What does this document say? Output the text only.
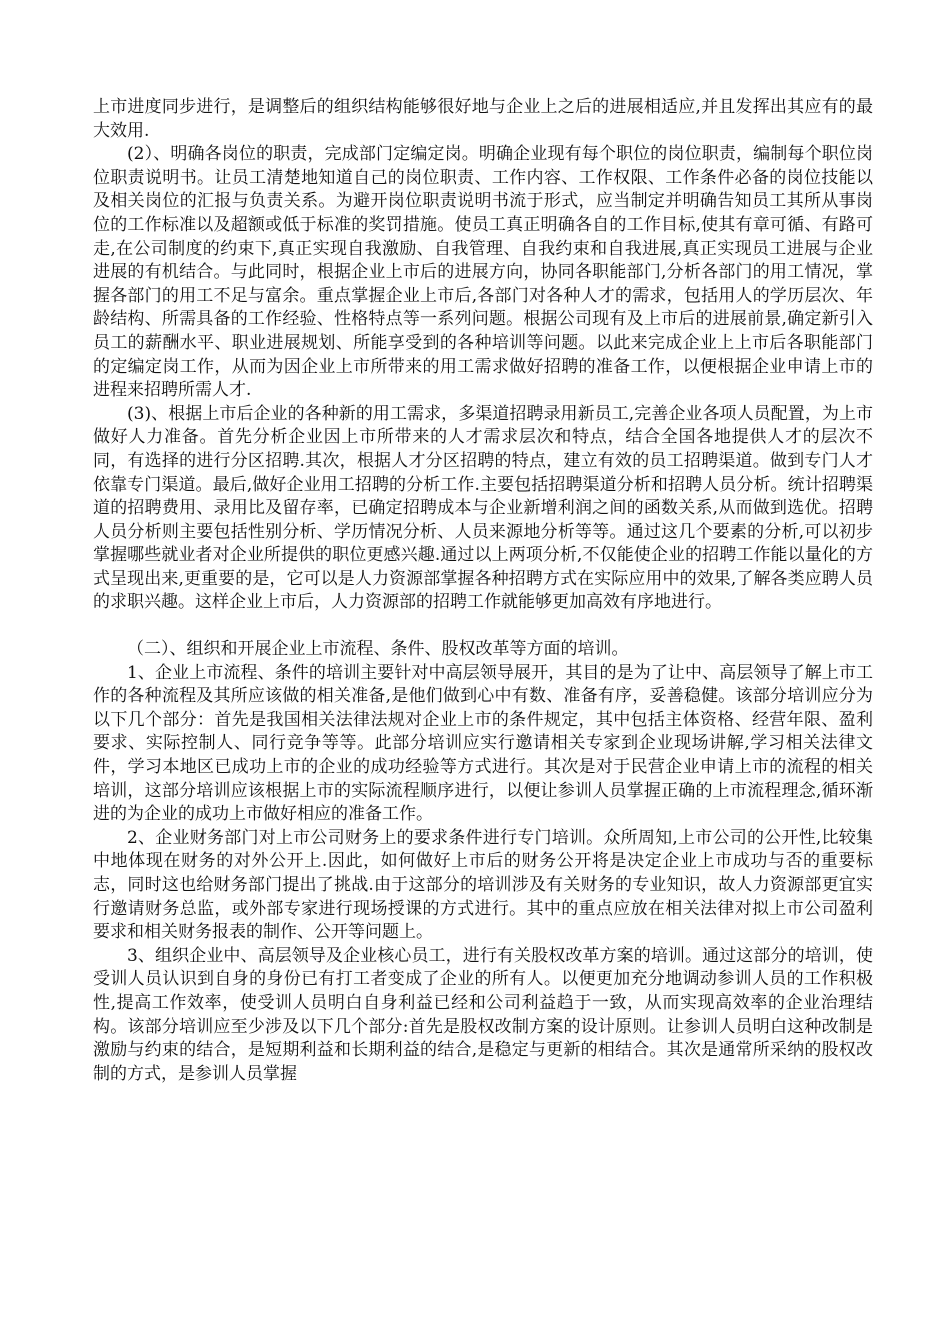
上市进度同步进行，是调整后的组织结构能够很好地与企业上之后的进展相适应,并且发挥出其应有的最大效用.

(2）、明确各岗位的职责，完成部门定编定岗。明确企业现有每个职位的岗位职责，编制每个职位岗位职责说明书。让员工清楚地知道自己的岗位职责、工作内容、工作权限、工作条件必备的岗位技能以及相关岗位的汇报与负责关系。为避开岗位职责说明书流于形式，应当制定并明确告知员工其所从事岗位的工作标准以及超额或低于标准的奖罚措施。使员工真正明确各自的工作目标,使其有章可循、有路可走,在公司制度的约束下,真正实现自我激励、自我管理、自我约束和自我进展,真正实现员工进展与企业进展的有机结合。与此同时，根据企业上市后的进展方向，协同各职能部门,分析各部门的用工情况，掌握各部门的用工不足与富余。重点掌握企业上市后,各部门对各种人才的需求，包括用人的学历层次、年龄结构、所需具备的工作经验、性格特点等一系列问题。根据公司现有及上市后的进展前景,确定新引入员工的薪酬水平、职业进展规划、所能享受到的各种培训等问题。以此来完成企业上上市后各职能部门的定编定岗工作，从而为因企业上市所带来的用工需求做好招聘的准备工作，以便根据企业申请上市的进程来招聘所需人才.

(3)、根据上市后企业的各种新的用工需求，多渠道招聘录用新员工,完善企业各项人员配置，为上市做好人力准备。首先分析企业因上市所带来的人才需求层次和特点，结合全国各地提供人才的层次不同，有选择的进行分区招聘.其次，根据人才分区招聘的特点，建立有效的员工招聘渠道。做到专门人才依靠专门渠道。最后,做好企业用工招聘的分析工作.主要包括招聘渠道分析和招聘人员分析。统计招聘渠道的招聘费用、录用比及留存率，已确定招聘成本与企业新增利润之间的函数关系,从而做到选优。招聘人员分析则主要包括性别分析、学历情况分析、人员来源地分析等等。通过这几个要素的分析,可以初步掌握哪些就业者对企业所提供的职位更感兴趣.通过以上两项分析,不仅能使企业的招聘工作能以量化的方式呈现出来,更重要的是，它可以是人力资源部掌握各种招聘方式在实际应用中的效果,了解各类应聘人员的求职兴趣。这样企业上市后，人力资源部的招聘工作就能够更加高效有序地进行。

（二）、组织和开展企业上市流程、条件、股权改革等方面的培训。

1、企业上市流程、条件的培训主要针对中高层领导展开，其目的是为了让中、高层领导了解上市工作的各种流程及其所应该做的相关准备,是他们做到心中有数、准备有序，妥善稳健。该部分培训应分为以下几个部分：首先是我国相关法律法规对企业上市的条件规定，其中包括主体资格、经营年限、盈利要求、实际控制人、同行竞争等等。此部分培训应实行邀请相关专家到企业现场讲解,学习相关法律文件，学习本地区已成功上市的企业的成功经验等方式进行。其次是对于民营企业申请上市的流程的相关培训，这部分培训应该根据上市的实际流程顺序进行，以便让参训人员掌握正确的上市流程理念,循环渐进的为企业的成功上市做好相应的准备工作。

2、企业财务部门对上市公司财务上的要求条件进行专门培训。众所周知,上市公司的公开性,比较集中地体现在财务的对外公开上.因此，如何做好上市后的财务公开将是决定企业上市成功与否的重要标志，同时这也给财务部门提出了挑战.由于这部分的培训涉及有关财务的专业知识，故人力资源部更宜实行邀请财务总监，或外部专家进行现场授课的方式进行。其中的重点应放在相关法律对拟上市公司盈利要求和相关财务报表的制作、公开等问题上。

3、组织企业中、高层领导及企业核心员工，进行有关股权改革方案的培训。通过这部分的培训，使受训人员认识到自身的身份已有打工者变成了企业的所有人。以便更加充分地调动参训人员的工作积极性,提高工作效率，使受训人员明白自身利益已经和公司利益趋于一致，从而实现高效率的企业治理结构。该部分培训应至少涉及以下几个部分:首先是股权改制方案的设计原则。让参训人员明白这种改制是激励与约束的结合，是短期利益和长期利益的结合,是稳定与更新的相结合。其次是通常所采纳的股权改制的方式，是参训人员掌握
